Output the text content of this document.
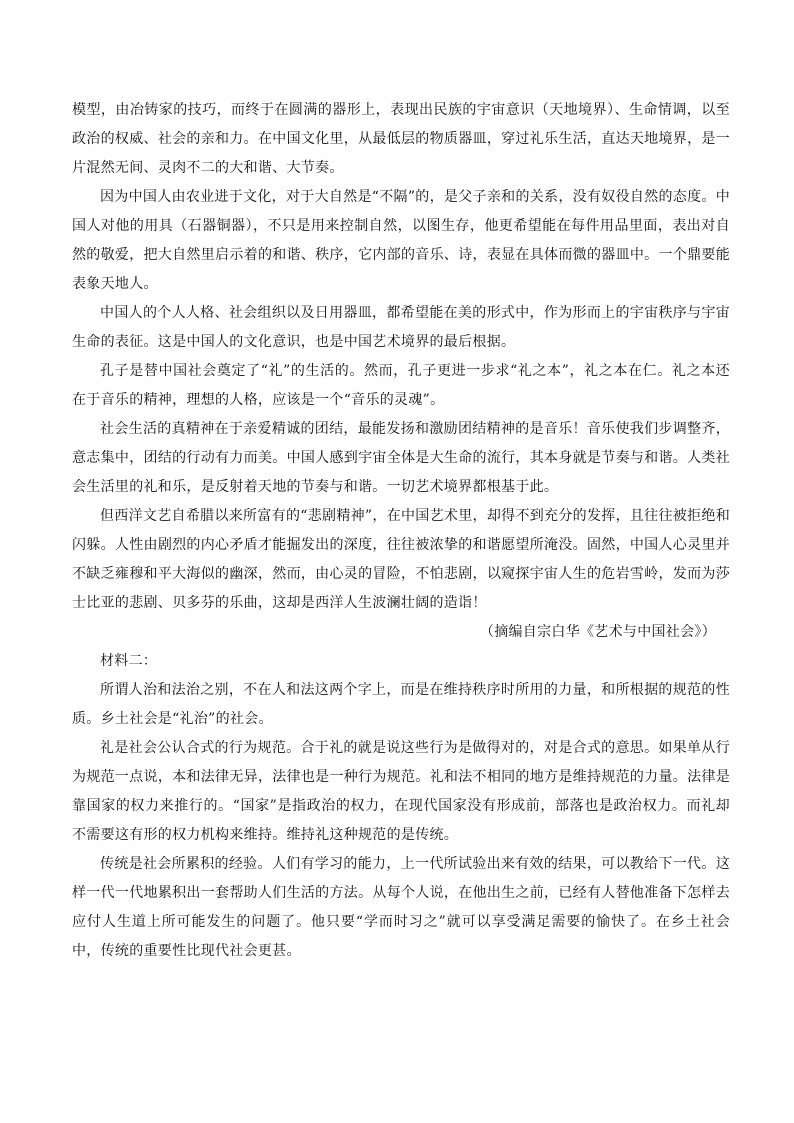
模型，由冶铸家的技巧，而终于在圆满的器形上，表现出民族的宇宙意识（天地境界）、生命情调，以至政治的权威、社会的亲和力。在中国文化里，从最低层的物质器皿，穿过礼乐生活，直达天地境界，是一片混然无间、灵肉不二的大和谐、大节奏。

因为中国人由农业进于文化，对于大自然是“不隔”的，是父子亲和的关系，没有奴役自然的态度。中国人对他的用具（石器铜器），不只是用来控制自然，以图生存，他更希望能在每件用品里面，表出对自然的敬爱，把大自然里启示着的和谐、秩序，它内部的音乐、诗，表显在具体而微的器皿中。一个鼎要能表象天地人。

中国人的个人人格、社会组织以及日用器皿，都希望能在美的形式中，作为形而上的宇宙秩序与宇宙生命的表征。这是中国人的文化意识，也是中国艺术境界的最后根据。

孔子是替中国社会奠定了“礼”的生活的。然而，孔子更进一步求“礼之本”，礼之本在仁。礼之本还在于音乐的精神，理想的人格，应该是一个“音乐的灵魂”。

社会生活的真精神在于亲爱精诚的团结，最能发扬和激励团结精神的是音乐！音乐使我们步调整齐，意志集中，团结的行动有力而美。中国人感到宇宙全体是大生命的流行，其本身就是节奏与和谐。人类社会生活里的礼和乐，是反射着天地的节奏与和谐。一切艺术境界都根基于此。

但西洋文艺自希腊以来所富有的“悲剧精神”，在中国艺术里，却得不到充分的发挥，且往往被拒绝和闪躲。人性由剧烈的内心矛盾才能掘发出的深度，往往被浓挚的和谐愿望所淹没。固然，中国人心灵里并不缺乏雍穆和平大海似的幽深，然而，由心灵的冒险，不怕悲剧，以窥探宇宙人生的危岩雪岭，发而为莎士比亚的悲剧、贝多芬的乐曲，这却是西洋人生波澜壮阔的造诣！

（摘编自宗白华《艺术与中国社会》）

材料二：

所谓人治和法治之别，不在人和法这两个字上，而是在维持秩序时所用的力量，和所根据的规范的性质。乡土社会是“礼治”的社会。

礼是社会公认合式的行为规范。合于礼的就是说这些行为是做得对的，对是合式的意思。如果单从行为规范一点说，本和法律无异，法律也是一种行为规范。礼和法不相同的地方是维持规范的力量。法律是靠国家的权力来推行的。“国家”是指政治的权力，在现代国家没有形成前，部落也是政治权力。而礼却不需要这有形的权力机构来维持。维持礼这种规范的是传统。

传统是社会所累积的经验。人们有学习的能力，上一代所试验出来有效的结果，可以教给下一代。这样一代一代地累积出一套帮助人们生活的方法。从每个人说，在他出生之前，已经有人替他准备下怎样去应付人生道上所可能发生的问题了。他只要“学而时习之”就可以享受满足需要的愉快了。在乡土社会中，传统的重要性比现代社会更甚。
